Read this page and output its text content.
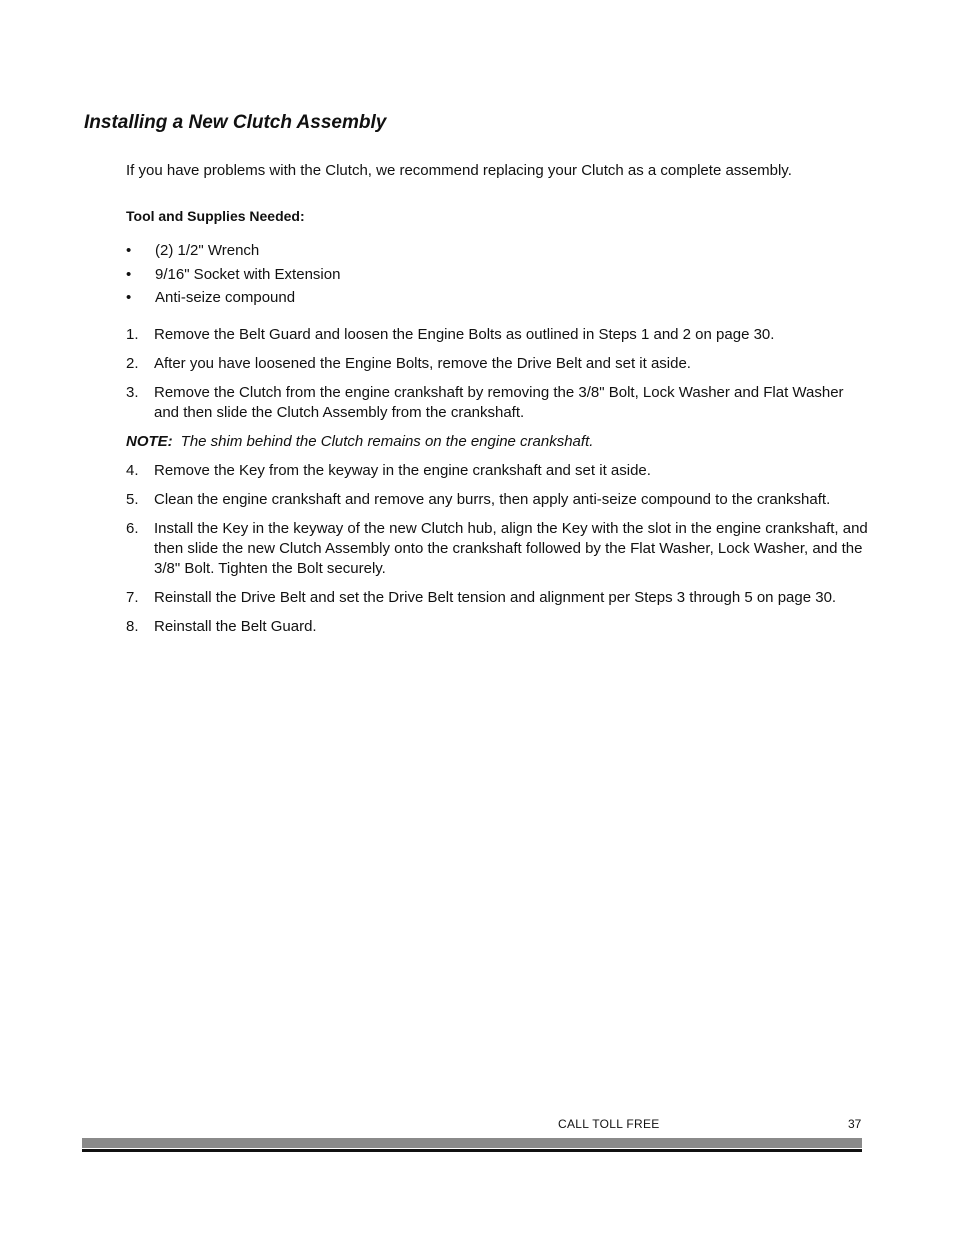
Installing a New Clutch Assembly

If you have problems with the Clutch, we recommend replacing your Clutch as a complete assembly.

Tool and Supplies Needed:

• (2) 1/2" Wrench
• 9/16" Socket with Extension
• Anti-seize compound
1. Remove the Belt Guard and loosen the Engine Bolts as outlined in Steps 1 and 2 on page 30.
2. After you have loosened the Engine Bolts, remove the Drive Belt and set it aside.
3. Remove the Clutch from the engine crankshaft by removing the 3/8" Bolt, Lock Washer and Flat Washer and then slide the Clutch Assembly from the crankshaft.
NOTE: The shim behind the Clutch remains on the engine crankshaft.
4. Remove the Key from the keyway in the engine crankshaft and set it aside.
5. Clean the engine crankshaft and remove any burrs, then apply anti-seize compound to the crankshaft.
6. Install the Key in the keyway of the new Clutch hub, align the Key with the slot in the engine crankshaft, and then slide the new Clutch Assembly onto the crankshaft followed by the Flat Washer, Lock Washer, and the 3/8" Bolt. Tighten the Bolt securely.
7. Reinstall the Drive Belt and set the Drive Belt tension and alignment per Steps 3 through 5 on page 30.
8. Reinstall the Belt Guard.
CALL TOLL FREE	37
